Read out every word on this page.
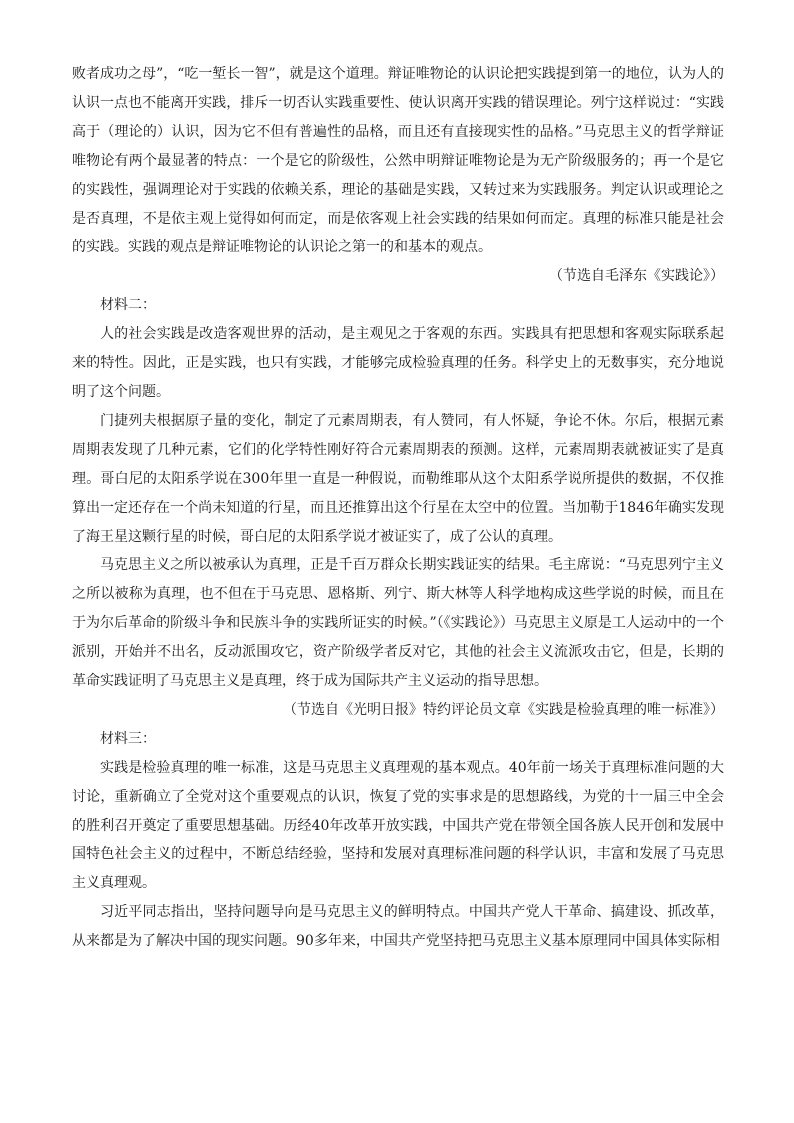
败者成功之母”，“吃一堑长一智”，就是这个道理。辩证唯物论的认识论把实践提到第一的地位，认为人的认识一点也不能离开实践，排斥一切否认实践重要性、使认识离开实践的错误理论。列宁这样说过：“实践高于（理论的）认识，因为它不但有普遍性的品格，而且还有直接现实性的品格。”马克思主义的哲学辩证唯物论有两个最显著的特点：一个是它的阶级性，公然申明辩证唯物论是为无产阶级服务的；再一个是它的实践性，强调理论对于实践的依赖关系，理论的基础是实践，又转过来为实践服务。判定认识或理论之是否真理，不是依主观上觉得如何而定，而是依客观上社会实践的结果如何而定。真理的标准只能是社会的实践。实践的观点是辩证唯物论的认识论之第一的和基本的观点。

（节选自毛泽东《实践论》）

材料二：

人的社会实践是改造客观世界的活动，是主观见之于客观的东西。实践具有把思想和客观实际联系起来的特性。因此，正是实践，也只有实践，才能够完成检验真理的任务。科学史上的无数事实，充分地说明了这个问题。

门捷列夫根据原子量的变化，制定了元素周期表，有人赞同，有人怀疑，争论不休。尔后，根据元素周期表发现了几种元素，它们的化学特性刚好符合元素周期表的预测。这样，元素周期表就被证实了是真理。哥白尼的太阳系学说在300年里一直是一种假说，而勒维耶从这个太阳系学说所提供的数据，不仅推算出一定还存在一个尚未知道的行星，而且还推算出这个行星在太空中的位置。当加勒于1846年确实发现了海王星这颗行星的时候，哥白尼的太阳系学说才被证实了，成了公认的真理。

马克思主义之所以被承认为真理，正是千百万群众长期实践证实的结果。毛主席说：“马克思列宁主义之所以被称为真理，也不但在于马克思、恩格斯、列宁、斯大林等人科学地构成这些学说的时候，而且在于为尔后革命的阶级斗争和民族斗争的实践所证实的时候。”（《实践论》）马克思主义原是工人运动中的一个派别，开始并不出名，反动派围攻它，资产阶级学者反对它，其他的社会主义流派攻击它，但是，长期的革命实践证明了马克思主义是真理，终于成为国际共产主义运动的指导思想。

（节选自《光明日报》特约评论员文章《实践是检验真理的唯一标准》）

材料三：

实践是检验真理的唯一标准，这是马克思主义真理观的基本观点。40年前一场关于真理标准问题的大讨论，重新确立了全党对这个重要观点的认识，恢复了党的实事求是的思想路线，为党的十一届三中全会的胜利召开奠定了重要思想基础。历经40年改革开放实践，中国共产党在带领全国各族人民开创和发展中国特色社会主义的过程中，不断总结经验，坚持和发展对真理标准问题的科学认识，丰富和发展了马克思主义真理观。

习近平同志指出，坚持问题导向是马克思主义的鲜明特点。中国共产党人干革命、搞建设、抓改革，从来都是为了解决中国的现实问题。90多年来，中国共产党坚持把马克思主义基本原理同中国具体实际相
